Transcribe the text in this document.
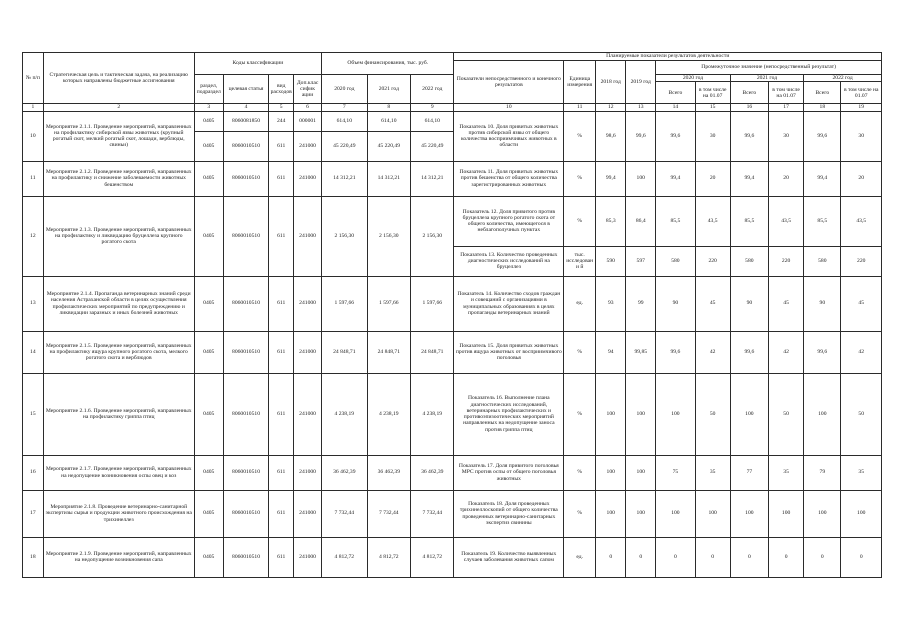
№ п/п	Стратегическая цель и тактическая задача, на реализацию которых направлены бюджетные ассигнования	Коды классификации				Объем финансирования, тыс. руб.			Планируемые показатели результатов деятельности									
									Показатели непосредственного и конечного результатов	Единица измерения	2018 год	2019 год	Промежуточное значение (непосредственный результат)					
		раздел, подраздел	целевая статья	вид расходов	Доп.клас сифик ации	2020 год	2021 год	2022 год					2020 год		2021 год		2022 год	
													Всего	в том числе на 01.07	Всего	в том числе на 01.07	Всего	в том числе на 01.07
1	2	3	4	5	6	7	8	9	10	11	12	13	14	15	16	17	18	19
10	Мероприятие 2.1.1. Проведение мероприятий, направленных на профилактику сибирской язвы животных (крупный рогатый скот, мелкий рогатый скот, лошади, верблюды, свиньи)	0405	8060081850	244	000001	614,10	614,10	614,10	Показатель 10. Доля привитых животных против сибирской язвы от общего количества восприимчивых животных в области	%	98,6	99,6	99,6	30	99,6	30	99,6	30
		0405	8060010510	611	241000	45 220,49	45 220,49	45 220,49										
11	Мероприятие 2.1.2. Проведение мероприятий, направленных на профилактику и снижение заболеваемости животных бешенством	0405	8060010510	611	241000	14 312,21	14 312,21	14 312,21	Показатель 11. Доля привитых животных против бешенства от общего количества зарегистрированных животных	%	99,4	100	99,4	20	99,4	20	99,4	20
12	Мероприятие 2.1.3. Проведение мероприятий, направленных на профилактику и ликвидацию бруцеллеза крупного рогатого скота	0405	8060010510	611	241000	2 156,30	2 156,30	2 156,30	Показатель 12. Доля привитого против бруцеллеза крупного рогатого скота от общего количества, имеющегося в неблагополучных пунктах	%	85,3	86,4	85,5	43,5	85,5	43,5	85,5	43,5
									Показатель 13. Количество проведенных диагностических исследований на бруцеллез	тыс. исследовани й	590	597	580	220	580	220	580	220
13	Мероприятие 2.1.4. Пропаганда ветеринарных знаний среди населения Астраханской области в целях осуществления профилактических мероприятий по предупреждению и ликвидации заразных и иных болезней животных	0405	8060010510	611	241000	1 597,66	1 597,66	1 597,66	Показатель 14. Количество сходов граждан и совещаний с организациями в муниципальных образованиях в целях пропаганды ветеринарных знаний	ед.	93	99	90	45	90	45	90	45
14	Мероприятие 2.1.5. Проведение мероприятий, направленных на профилактику ящура крупного рогатого скота, мелкого рогатого скота и верблюдов	0405	8060010510	611	241000	24 848,71	24 848,71	24 848,71	Показатель 15. Доля привитых животных против ящура животных от восприимчивого поголовья	%	94	99,85	99,6	42	99,6	42	99,6	42
15	Мероприятие 2.1.6. Проведение мероприятий, направленных на профилактику гриппа птиц	0405	8060010510	611	241000	4 238,19	4 238,19	4 238,19	Показатель 16. Выполнение плана диагностических исследований, ветеринарных профилактических и противоэпизоотических мероприятий направленных на недопущение заноса против гриппа птиц	%	100	100	100	50	100	50	100	50
16	Мероприятие 2.1.7. Проведение мероприятий, направленных на недопущение возникновения оспы овец и коз	0405	8060010510	611	241000	36 462,39	36 462,39	36 462,39	Показатель 17. Доля привитого поголовья МРС против оспы от общего поголовья животных	%	100	100	75	35	77	35	79	35
17	Мероприятие 2.1.8. Проведение ветеринарно-санитарной экспертизы сырья и продукции животного происхождения на трихинеллез	0405	8060010510	611	241000	7 732,44	7 732,44	7 732,44	Показатель 18. Доля проведенных трихинеллоскопий от общего количества проведенных ветеринарно-санитарных экспертиз свинины	%	100	100	100	100	100	100	100	100
18	Мероприятие 2.1.9. Проведение мероприятий, направленных на недопущение возникновения сапа	0405	8060010510	611	241000	4 812,72	4 812,72	4 812,72	Показатель 19. Количество выявленных случаев заболевания животных сапом	ед.	0	0	0	0	0	0	0	0
